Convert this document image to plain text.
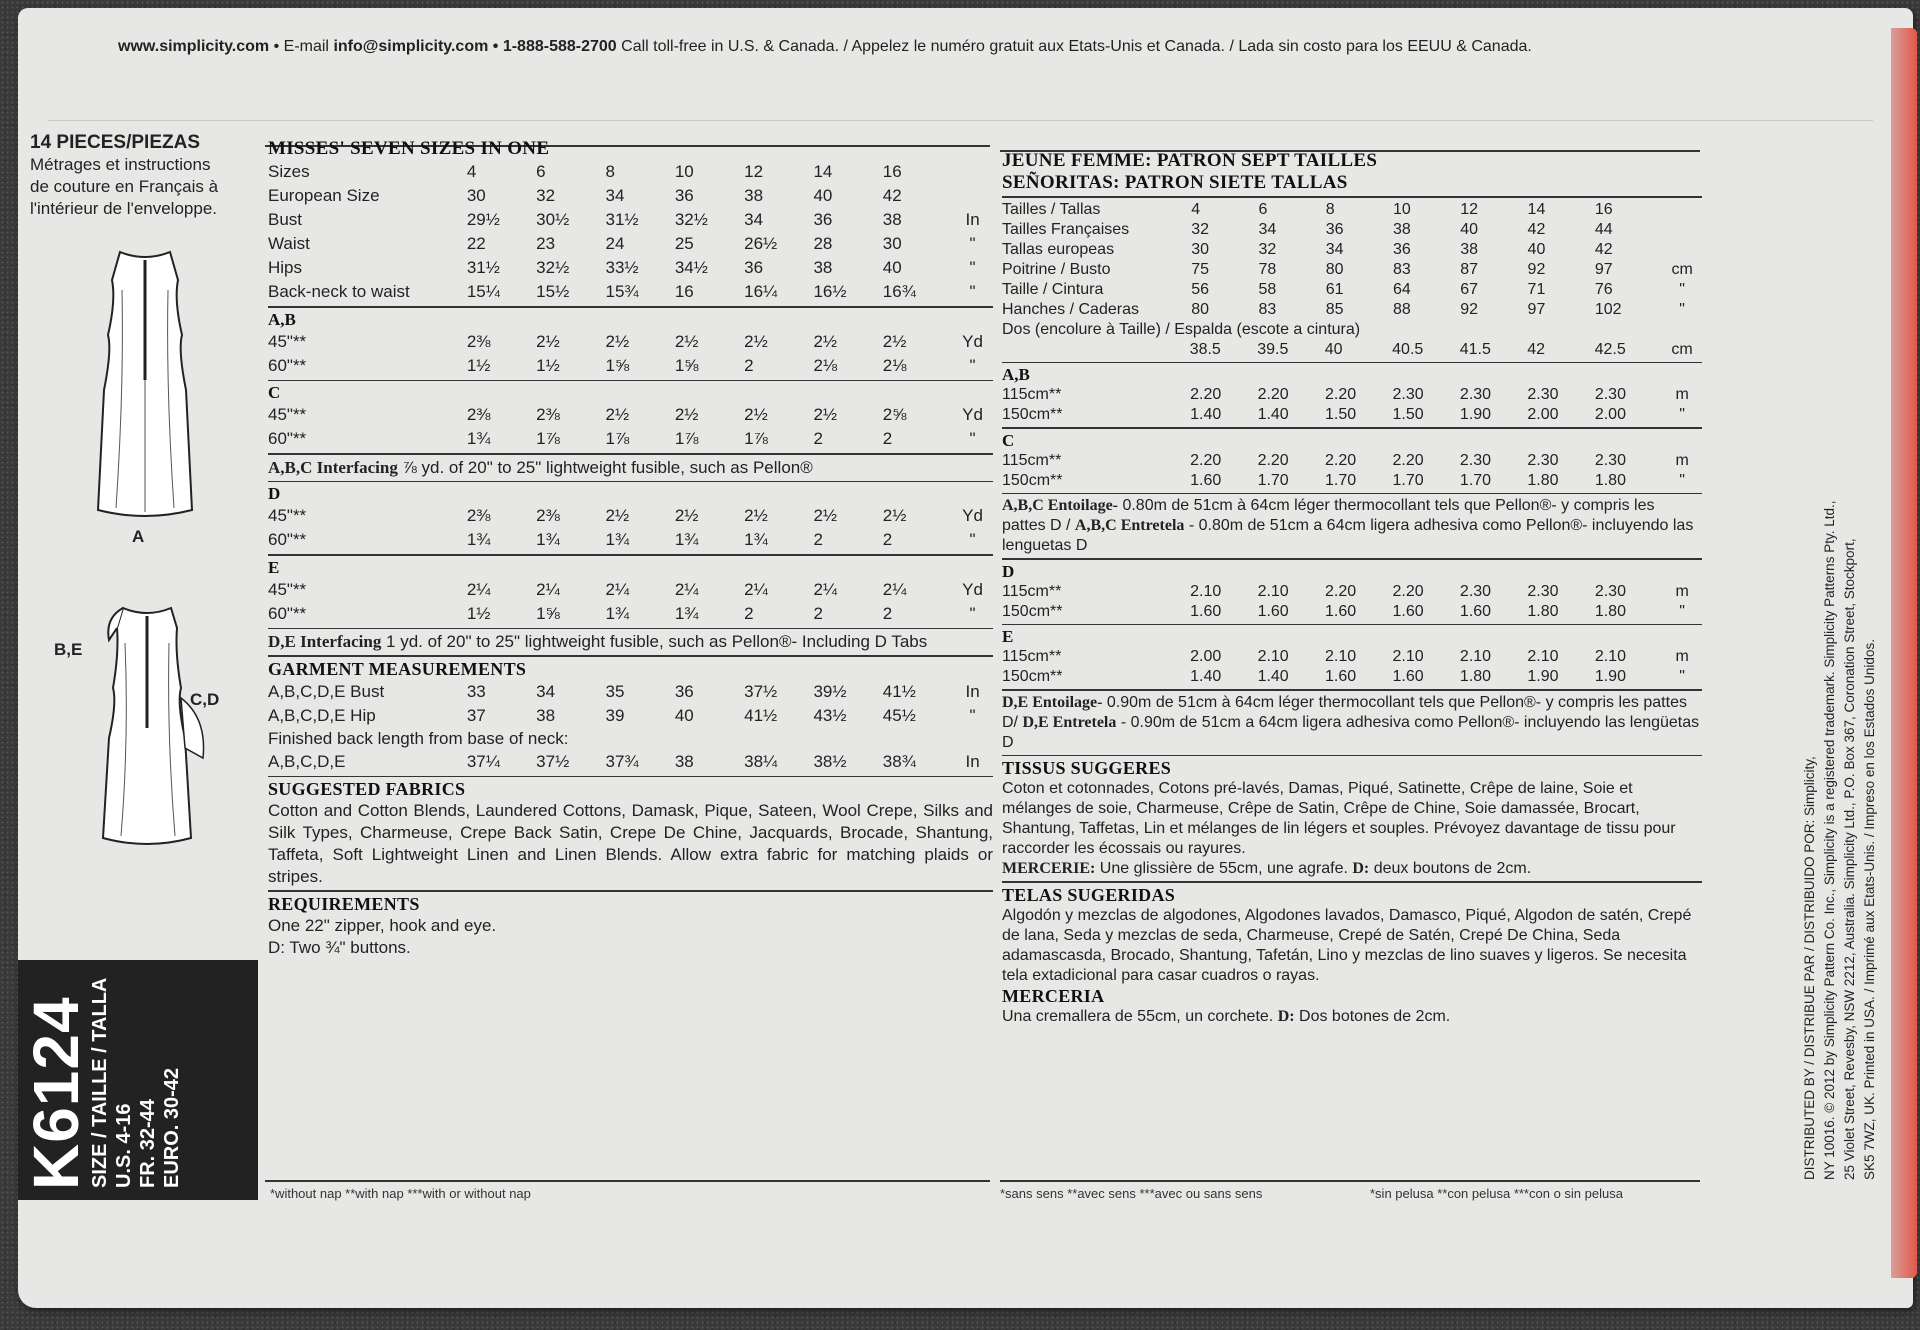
www.simplicity.com • E-mail info@simplicity.com • 1-888-588-2700 Call toll-free in U.S. & Canada. / Appelez le numéro gratuit aux Etats-Unis et Canada. / Lada sin costo para los EEUU & Canada.
14 PIECES/PIEZAS
Métrages et instructions
de couture en Français à
l'intérieur de l'enveloppe.
A
B,E
C,D
K6124
SIZE / TAILLE / TALLA U.S. 4-16 FR. 32-44 EURO. 30-42
MISSES' SEVEN SIZES IN ONE
Sizes	4	6	8	10	12	14	16	
European Size	30	32	34	36	38	40	42	
Bust	29½	30½	31½	32½	34	36	38	In
Waist	22	23	24	25	26½	28	30	"
Hips	31½	32½	33½	34½	36	38	40	"
Back-neck to waist	15¼	15½	15¾	16	16¼	16½	16¾	"
A,B
45"**	2⅜	2½	2½	2½	2½	2½	2½	Yd
60"**	1½	1½	1⅝	1⅝	2	2⅛	2⅛	"
C
45"**	2⅜	2⅜	2½	2½	2½	2½	2⅝	Yd
60"**	1¾	1⅞	1⅞	1⅞	1⅞	2	2	"
A,B,C Interfacing ⅞ yd. of 20" to 25" lightweight fusible, such as Pellon®
D
45"**	2⅜	2⅜	2½	2½	2½	2½	2½	Yd
60"**	1¾	1¾	1¾	1¾	1¾	2	2	"
E
45"**	2¼	2¼	2¼	2¼	2¼	2¼	2¼	Yd
60"**	1½	1⅝	1¾	1¾	2	2	2	"
D,E Interfacing 1 yd. of 20" to 25" lightweight fusible, such as Pellon®- Including D Tabs
GARMENT MEASUREMENTS
A,B,C,D,E Bust	33	34	35	36	37½	39½	41½	In
A,B,C,D,E Hip	37	38	39	40	41½	43½	45½	"
Finished back length from base of neck:
A,B,C,D,E	37¼	37½	37¾	38	38¼	38½	38¾	In
SUGGESTED FABRICS
Cotton and Cotton Blends, Laundered Cottons, Damask, Pique, Sateen, Wool Crepe, Silks and Silk Types, Charmeuse, Crepe Back Satin, Crepe De Chine, Jacquards, Brocade, Shantung, Taffeta, Soft Lightweight Linen and Linen Blends. Allow extra fabric for matching plaids or stripes.
REQUIREMENTS
One 22" zipper, hook and eye.
D: Two ¾" buttons.
*without nap **with nap ***with or without nap
JEUNE FEMME: PATRON SEPT TAILLES
SEÑORITAS: PATRON SIETE TALLAS
Tailles / Tallas	4	6	8	10	12	14	16	
Tailles Françaises	32	34	36	38	40	42	44	
Tallas europeas	30	32	34	36	38	40	42	
Poitrine / Busto	75	78	80	83	87	92	97	cm
Taille / Cintura	56	58	61	64	67	71	76	"
Hanches / Caderas	80	83	85	88	92	97	102	"
Dos (encolure à Taille) / Espalda (escote a cintura)
	38.5	39.5	40	40.5	41.5	42	42.5	cm
A,B
115cm**	2.20	2.20	2.20	2.30	2.30	2.30	2.30	m
150cm**	1.40	1.40	1.50	1.50	1.90	2.00	2.00	"
C
115cm**	2.20	2.20	2.20	2.20	2.30	2.30	2.30	m
150cm**	1.60	1.70	1.70	1.70	1.70	1.80	1.80	"
A,B,C Entoilage- 0.80m de 51cm à 64cm léger thermocollant tels que Pellon®- y compris les pattes D / A,B,C Entretela - 0.80m de 51cm a 64cm ligera adhesiva como Pellon®- incluyendo las lenguetas D
D
115cm**	2.10	2.10	2.20	2.20	2.30	2.30	2.30	m
150cm**	1.60	1.60	1.60	1.60	1.60	1.80	1.80	"
E
115cm**	2.00	2.10	2.10	2.10	2.10	2.10	2.10	m
150cm**	1.40	1.40	1.60	1.60	1.80	1.90	1.90	"
D,E Entoilage- 0.90m de 51cm à 64cm léger thermocollant tels que Pellon®- y compris les pattes D/ D,E Entretela - 0.90m de 51cm a 64cm ligera adhesiva como Pellon®- incluyendo las lengüetas D
TISSUS SUGGERES
Coton et cotonnades, Cotons pré-lavés, Damas, Piqué, Satinette, Crêpe de laine, Soie et mélanges de soie, Charmeuse, Crêpe de Satin, Crêpe de Chine, Soie damassée, Brocart, Shantung, Taffetas, Lin et mélanges de lin légers et souples. Prévoyez davantage de tissu pour raccorder les écossais ou rayures.
MERCERIE: Une glissière de 55cm, une agrafe. D: deux boutons de 2cm.
TELAS SUGERIDAS
Algodón y mezclas de algodones, Algodones lavados, Damasco, Piqué, Algodon de satén, Crepé de lana, Seda y mezclas de seda, Charmeuse, Crepé de Satén, Crepé De China, Seda adamascasda, Brocado, Shantung, Tafetán, Lino y mezclas de lino suaves y ligeros. Se necesita tela extadicional para casar cuadros o rayas.
MERCERIA
Una cremallera de 55cm, un corchete. D: Dos botones de 2cm.
*sans sens **avec sens ***avec ou sans sens	*sin pelusa **con pelusa ***con o sin pelusa
DISTRIBUTED BY / DISTRIBUE PAR / DISTRIBUIDO POR: Simplicity, NY 10016. © 2012 by Simplicity Pattern Co. Inc., Simplicity is a registered trademark. Simplicity Patterns Pty. Ltd., 25 Violet Street, Revesby, NSW 2212, Australia. Simplicity Ltd., P.O. Box 367, Coronation Street, Stockport, SK5 7WZ, UK. Printed in USA. / Imprimé aux Etats-Unis. / Impreso en los Estados Unidos.
